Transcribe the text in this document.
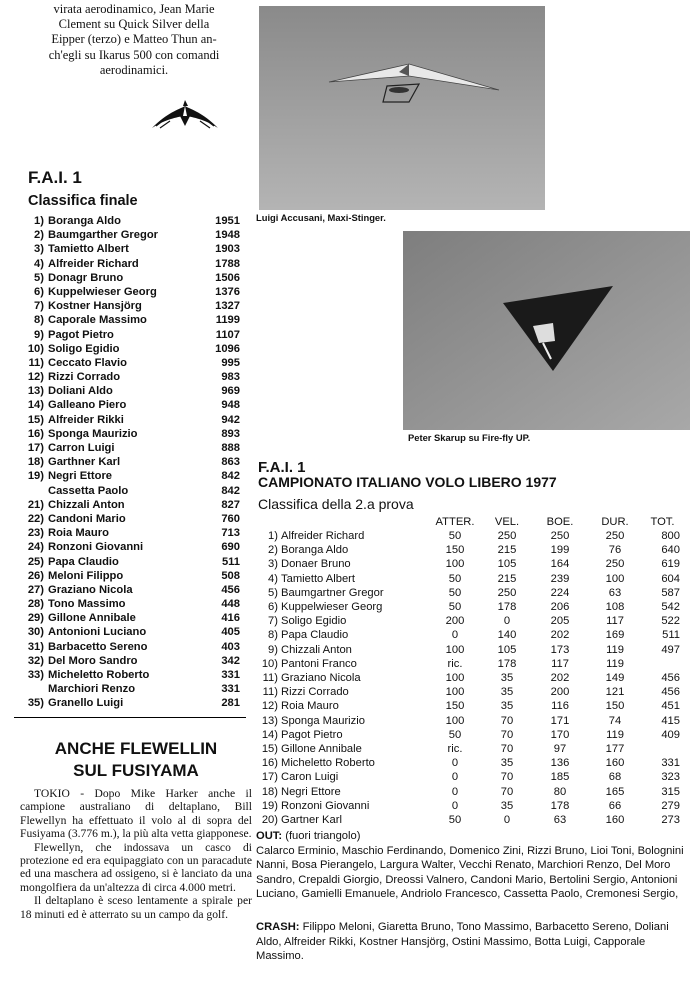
virata aerodinamico, Jean Marie
Clement su Quick Silver della
Eipper (terzo) e Matteo Thun an-
ch'egli su Ikarus 500 con comandi
aerodinamici.
F.A.I. 1
Classifica finale
1) Boranga Aldo	1951
2) Baumgarther Gregor	1948
3) Tamietto Albert	1903
4) Alfreider Richard	1788
5) Donagr Bruno	1506
6) Kuppelwieser Georg	1376
7) Kostner Hansjörg	1327
8) Caporale Massimo	1199
9) Pagot Pietro	1107
10) Soligo Egidio	1096
11) Ceccato Flavio	995
12) Rizzi Corrado	983
13) Doliani Aldo	969
14) Galleano Piero	948
15) Alfreider Rikki	942
16) Sponga Maurizio	893
17) Carron Luigi	888
18) Garthner Karl	863
19) Negri Ettore	842
Cassetta Paolo	842
21) Chizzali Anton	827
22) Candoni Mario	760
23) Roia Mauro	713
24) Ronzoni Giovanni	690
25) Papa Claudio	511
26) Meloni Filippo	508
27) Graziano Nicola	456
28) Tono Massimo	448
29) Gillone Annibale	416
30) Antonioni Luciano	405
31) Barbacetto Sereno	403
32) Del Moro Sandro	342
33) Micheletto Roberto	331
Marchiori Renzo	331
35) Granello Luigi	281
ANCHE FLEWELLIN
SUL FUSIYAMA

TOKIO - Dopo Mike Harker anche il campione australiano di deltaplano, Bill Flewellyn ha effettuato il volo al di sopra del Fusiyama (3.776 m.), la più alta vetta giapponese.

Flewellyn, che indossava un casco di protezione ed era equipaggiato con un paracadute ed una maschera ad ossigeno, si è lanciato da una mongolfiera da un'altezza di circa 4.000 metri.

Il deltaplano è sceso lentamente a spirale per 18 minuti ed è atterrato su un campo da golf.

Luigi Accusani, Maxi-Stinger.
Peter Skarup su Fire-fly UP.
F.A.I. 1
CAMPIONATO ITALIANO VOLO LIBERO 1977
Classifica della 2.a prova
		ATTER.	VEL.	BOE.	DUR.	TOT.
1)	Alfreider Richard	50	250	250	250	800
2)	Boranga Aldo	150	215	199	76	640
3)	Donaer Bruno	100	105	164	250	619
4)	Tamietto Albert	50	215	239	100	604
5)	Baumgartner Gregor	50	250	224	63	587
6)	Kuppelwieser Georg	50	178	206	108	542
7)	Soligo Egidio	200	0	205	117	522
8)	Papa Claudio	0	140	202	169	511
9)	Chizzali Anton	100	105	173	119	497
10)	Pantoni Franco	ric.	178	117	119	
11)	Graziano Nicola	100	35	202	149	456
11)	Rizzi Corrado	100	35	200	121	456
12)	Roia Mauro	150	35	116	150	451
13)	Sponga Maurizio	100	70	171	74	415
14)	Pagot Pietro	50	70	170	119	409
15)	Gillone Annibale	ric.	70	97	177	
16)	Micheletto Roberto	0	35	136	160	331
17)	Caron Luigi	0	70	185	68	323
18)	Negri Ettore	0	70	80	165	315
19)	Ronzoni Giovanni	0	35	178	66	279
20)	Gartner Karl	50	0	63	160	273
OUT: (fuori triangolo)
Calarco Erminio, Maschio Ferdinando, Domenico Zini, Rizzi Bruno, Lioi Toni, Bolognini Nanni, Bosa Pierangelo, Largura Walter, Vecchi Renato, Marchiori Renzo, Del Moro Sandro, Crepaldi Giorgio, Dreossi Valnero, Candoni Mario, Bertolini Sergio, Antonioni Luciano, Gamielli Emanuele, Andriolo Francesco, Cassetta Paolo, Cremonesi Sergio,
CRASH: Filippo Meloni, Giaretta Bruno, Tono Massimo, Barbacetto Sereno, Doliani Aldo, Alfreider Rikki, Kostner Hansjörg, Ostini Massimo, Botta Luigi, Capporale Massimo.
